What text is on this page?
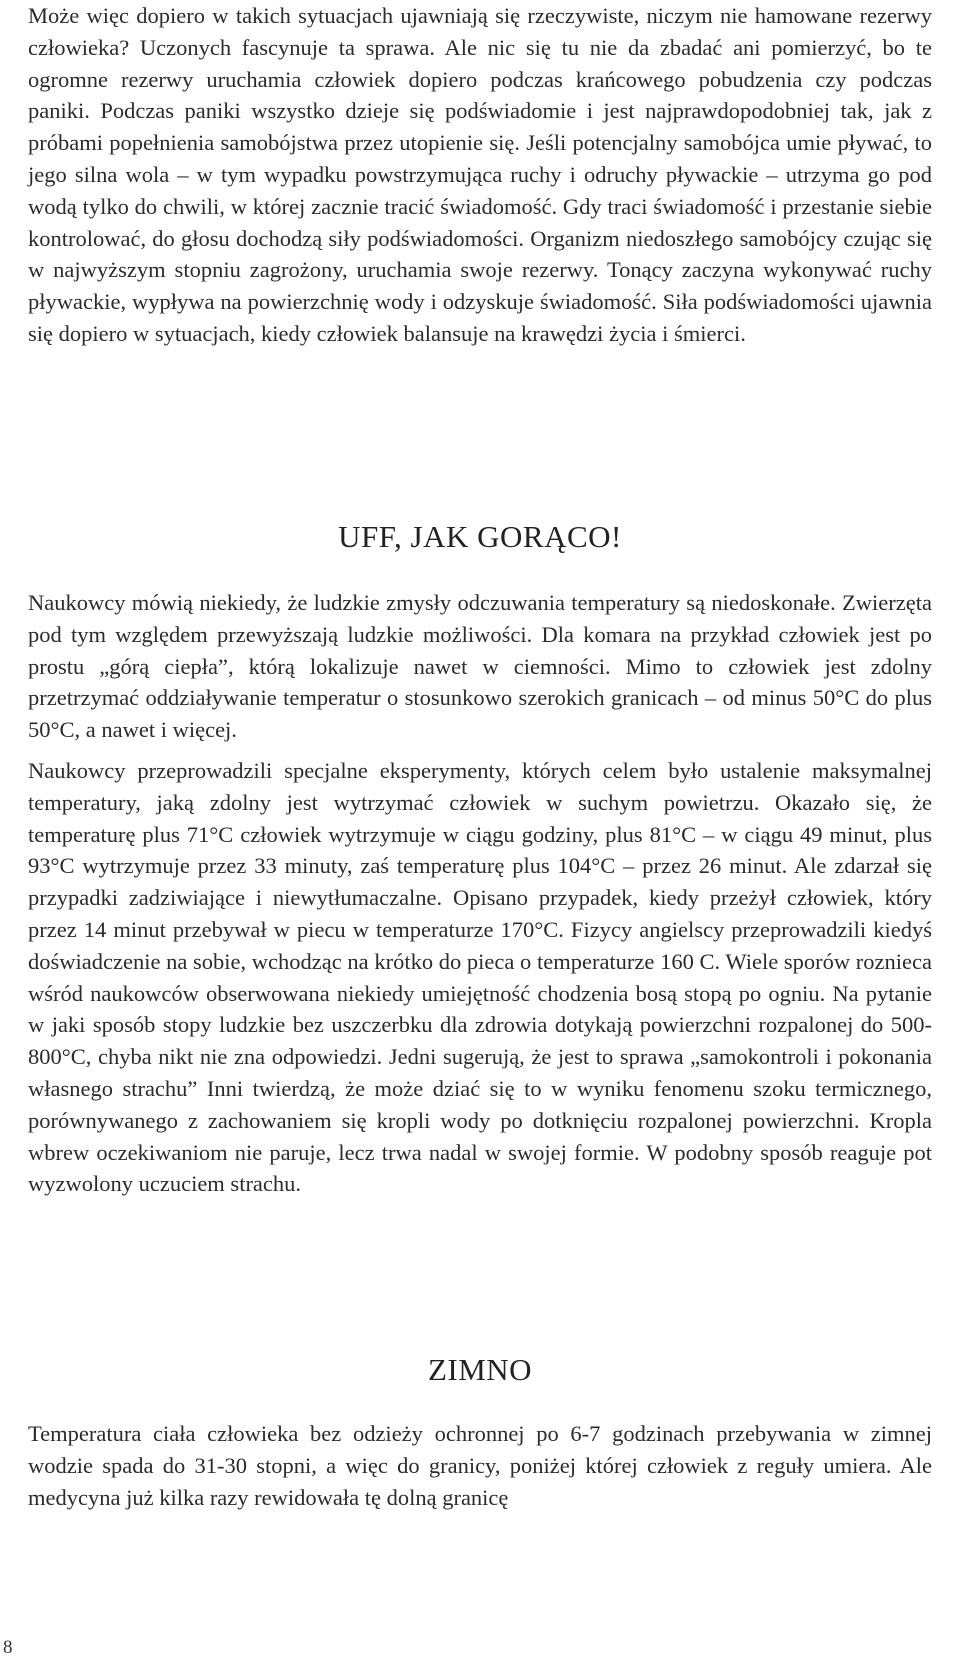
Może więc dopiero w takich sytuacjach ujawniają się rzeczywiste, niczym nie hamowane rezerwy człowieka? Uczonych fascynuje ta sprawa. Ale nic się tu nie da zbadać ani pomierzyć, bo te ogromne rezerwy uruchamia człowiek dopiero podczas krańcowego pobudzenia czy podczas paniki. Podczas paniki wszystko dzieje się podświadomie i jest najprawdopodobniej tak, jak z próbami popełnienia samobójstwa przez utopienie się. Jeśli potencjalny samobójca umie pływać, to jego silna wola – w tym wypadku powstrzymująca ruchy i odruchy pływackie – utrzyma go pod wodą tylko do chwili, w której zacznie tracić świadomość. Gdy traci świadomość i przestanie siebie kontrolować, do głosu dochodzą siły podświadomości. Organizm niedoszłego samobójcy czując się w najwyższym stopniu zagrożony, uruchamia swoje rezerwy. Tonący zaczyna wykonywać ruchy pływackie, wypływa na powierzchnię wody i odzyskuje świadomość. Siła podświadomości ujawnia się dopiero w sytuacjach, kiedy człowiek balansuje na krawędzi życia i śmierci.

UFF, JAK GORĄCO!

Naukowcy mówią niekiedy, że ludzkie zmysły odczuwania temperatury są niedoskonałe. Zwierzęta pod tym względem przewyższają ludzkie możliwości. Dla komara na przykład człowiek jest po prostu „górą ciepła”, którą lokalizuje nawet w ciemności. Mimo to człowiek jest zdolny przetrzymać oddziaływanie temperatur o stosunkowo szerokich granicach – od minus 50°C do plus 50°C, a nawet i więcej.

Naukowcy przeprowadzili specjalne eksperymenty, których celem było ustalenie maksymalnej temperatury, jaką zdolny jest wytrzymać człowiek w suchym powietrzu. Okazało się, że temperaturę plus 71°C człowiek wytrzymuje w ciągu godziny, plus 81°C – w ciągu 49 minut, plus 93°C wytrzymuje przez 33 minuty, zaś temperaturę plus 104°C – przez 26 minut. Ale zdarzał się przypadki zadziwiające i niewytłumaczalne. Opisano przypadek, kiedy przeżył człowiek, który przez 14 minut przebywał w piecu w temperaturze 170°C. Fizycy angielscy przeprowadzili kiedyś doświadczenie na sobie, wchodząc na krótko do pieca o temperaturze 160 C. Wiele sporów roznieca wśród naukowców obserwowana niekiedy umiejętność chodzenia bosą stopą po ogniu. Na pytanie w jaki sposób stopy ludzkie bez uszczerbku dla zdrowia dotykają powierzchni rozpalonej do 500-800°C, chyba nikt nie zna odpowiedzi. Jedni sugerują, że jest to sprawa „samokontroli i pokonania własnego strachu” Inni twierdzą, że może dziać się to w wyniku fenomenu szoku termicznego, porównywanego z zachowaniem się kropli wody po dotknięciu rozpalonej powierzchni. Kropla wbrew oczekiwaniom nie paruje, lecz trwa nadal w swojej formie. W podobny sposób reaguje pot wyzwolony uczuciem strachu.

ZIMNO

Temperatura ciała człowieka bez odzieży ochronnej po 6-7 godzinach przebywania w zimnej wodzie spada do 31-30 stopni, a więc do granicy, poniżej której człowiek z reguły umiera. Ale medycyna już kilka razy rewidowała tę dolną granicę

8
